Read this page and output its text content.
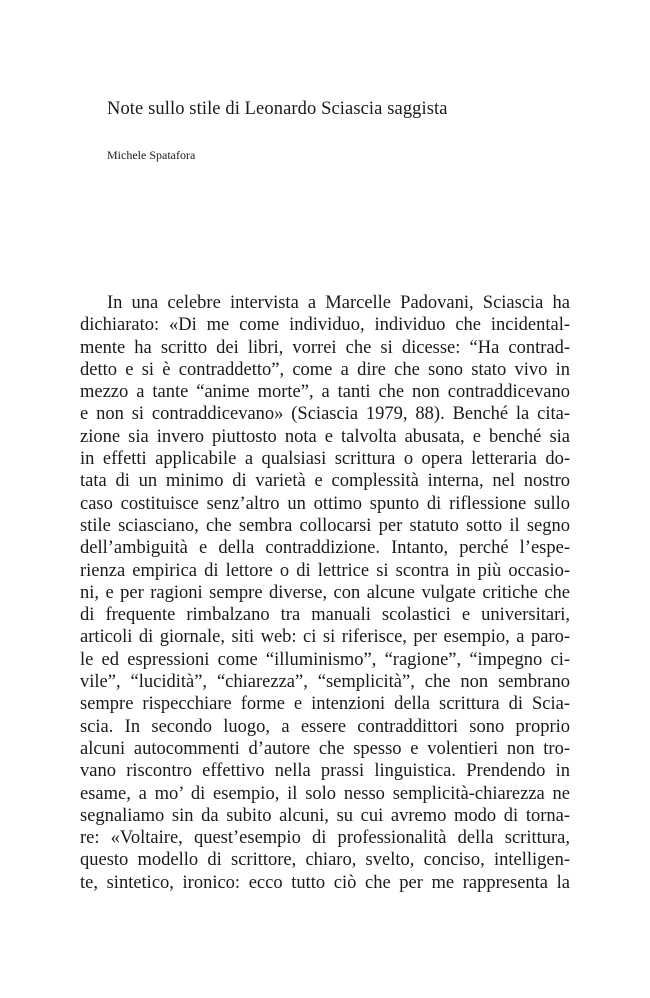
Note sullo stile di Leonardo Sciascia saggista
Michele Spatafora
In una celebre intervista a Marcelle Padovani, Sciascia ha
dichiarato: «Di me come individuo, individuo che incidental-
mente ha scritto dei libri, vorrei che si dicesse: “Ha contrad-
detto e si è contraddetto”, come a dire che sono stato vivo in
mezzo a tante “anime morte”, a tanti che non contraddicevano
e non si contraddicevano» (Sciascia 1979, 88). Benché la cita-
zione sia invero piuttosto nota e talvolta abusata, e benché sia
in effetti applicabile a qualsiasi scrittura o opera letteraria do-
tata di un minimo di varietà e complessità interna, nel nostro
caso costituisce senz’altro un ottimo spunto di riflessione sullo
stile sciasciano, che sembra collocarsi per statuto sotto il segno
dell’ambiguità e della contraddizione. Intanto, perché l’espe-
rienza empirica di lettore o di lettrice si scontra in più occasio-
ni, e per ragioni sempre diverse, con alcune vulgate critiche che
di frequente rimbalzano tra manuali scolastici e universitari,
articoli di giornale, siti web: ci si riferisce, per esempio, a paro-
le ed espressioni come “illuminismo”, “ragione”, “impegno ci-
vile”, “lucidità”, “chiarezza”, “semplicità”, che non sembrano
sempre rispecchiare forme e intenzioni della scrittura di Scia-
scia. In secondo luogo, a essere contraddittori sono proprio
alcuni autocommenti d’autore che spesso e volentieri non tro-
vano riscontro effettivo nella prassi linguistica. Prendendo in
esame, a mo’ di esempio, il solo nesso semplicità-chiarezza ne
segnaliamo sin da subito alcuni, su cui avremo modo di torna-
re: «Voltaire, quest’esempio di professionalità della scrittura,
questo modello di scrittore, chiaro, svelto, conciso, intelligen-
te, sintetico, ironico: ecco tutto ciò che per me rappresenta la
